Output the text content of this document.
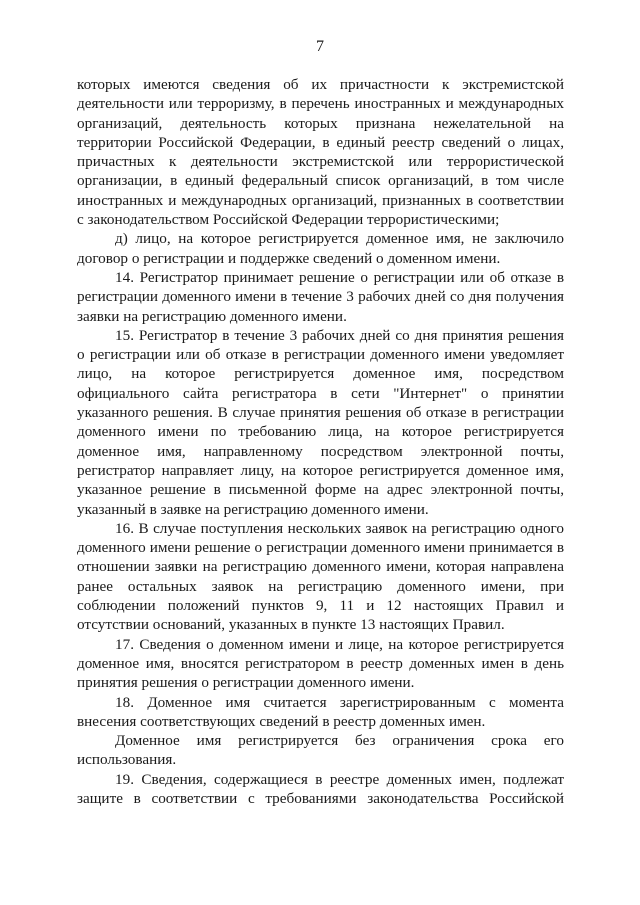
7

которых имеются сведения об их причастности к экстремистской деятельности или терроризму, в перечень иностранных и международных организаций, деятельность которых признана нежелательной на территории Российской Федерации, в единый реестр сведений о лицах, причастных к деятельности экстремистской или террористической организации, в единый федеральный список организаций, в том числе иностранных и международных организаций, признанных в соответствии с законодательством Российской Федерации террористическими;

д) лицо, на которое регистрируется доменное имя, не заключило договор о регистрации и поддержке сведений о доменном имени.

14. Регистратор принимает решение о регистрации или об отказе в регистрации доменного имени в течение 3 рабочих дней со дня получения заявки на регистрацию доменного имени.

15. Регистратор в течение 3 рабочих дней со дня принятия решения о регистрации или об отказе в регистрации доменного имени уведомляет лицо, на которое регистрируется доменное имя, посредством официального сайта регистратора в сети "Интернет" о принятии указанного решения. В случае принятия решения об отказе в регистрации доменного имени по требованию лица, на которое регистрируется доменное имя, направленному посредством электронной почты, регистратор направляет лицу, на которое регистрируется доменное имя, указанное решение в письменной форме на адрес электронной почты, указанный в заявке на регистрацию доменного имени.

16. В случае поступления нескольких заявок на регистрацию одного доменного имени решение о регистрации доменного имени принимается в отношении заявки на регистрацию доменного имени, которая направлена ранее остальных заявок на регистрацию доменного имени, при соблюдении положений пунктов 9, 11 и 12 настоящих Правил и отсутствии оснований, указанных в пункте 13 настоящих Правил.

17. Сведения о доменном имени и лице, на которое регистрируется доменное имя, вносятся регистратором в реестр доменных имен в день принятия решения о регистрации доменного имени.

18. Доменное имя считается зарегистрированным с момента внесения соответствующих сведений в реестр доменных имен.

Доменное имя регистрируется без ограничения срока его использования.

19. Сведения, содержащиеся в реестре доменных имен, подлежат защите в соответствии с требованиями законодательства Российской
